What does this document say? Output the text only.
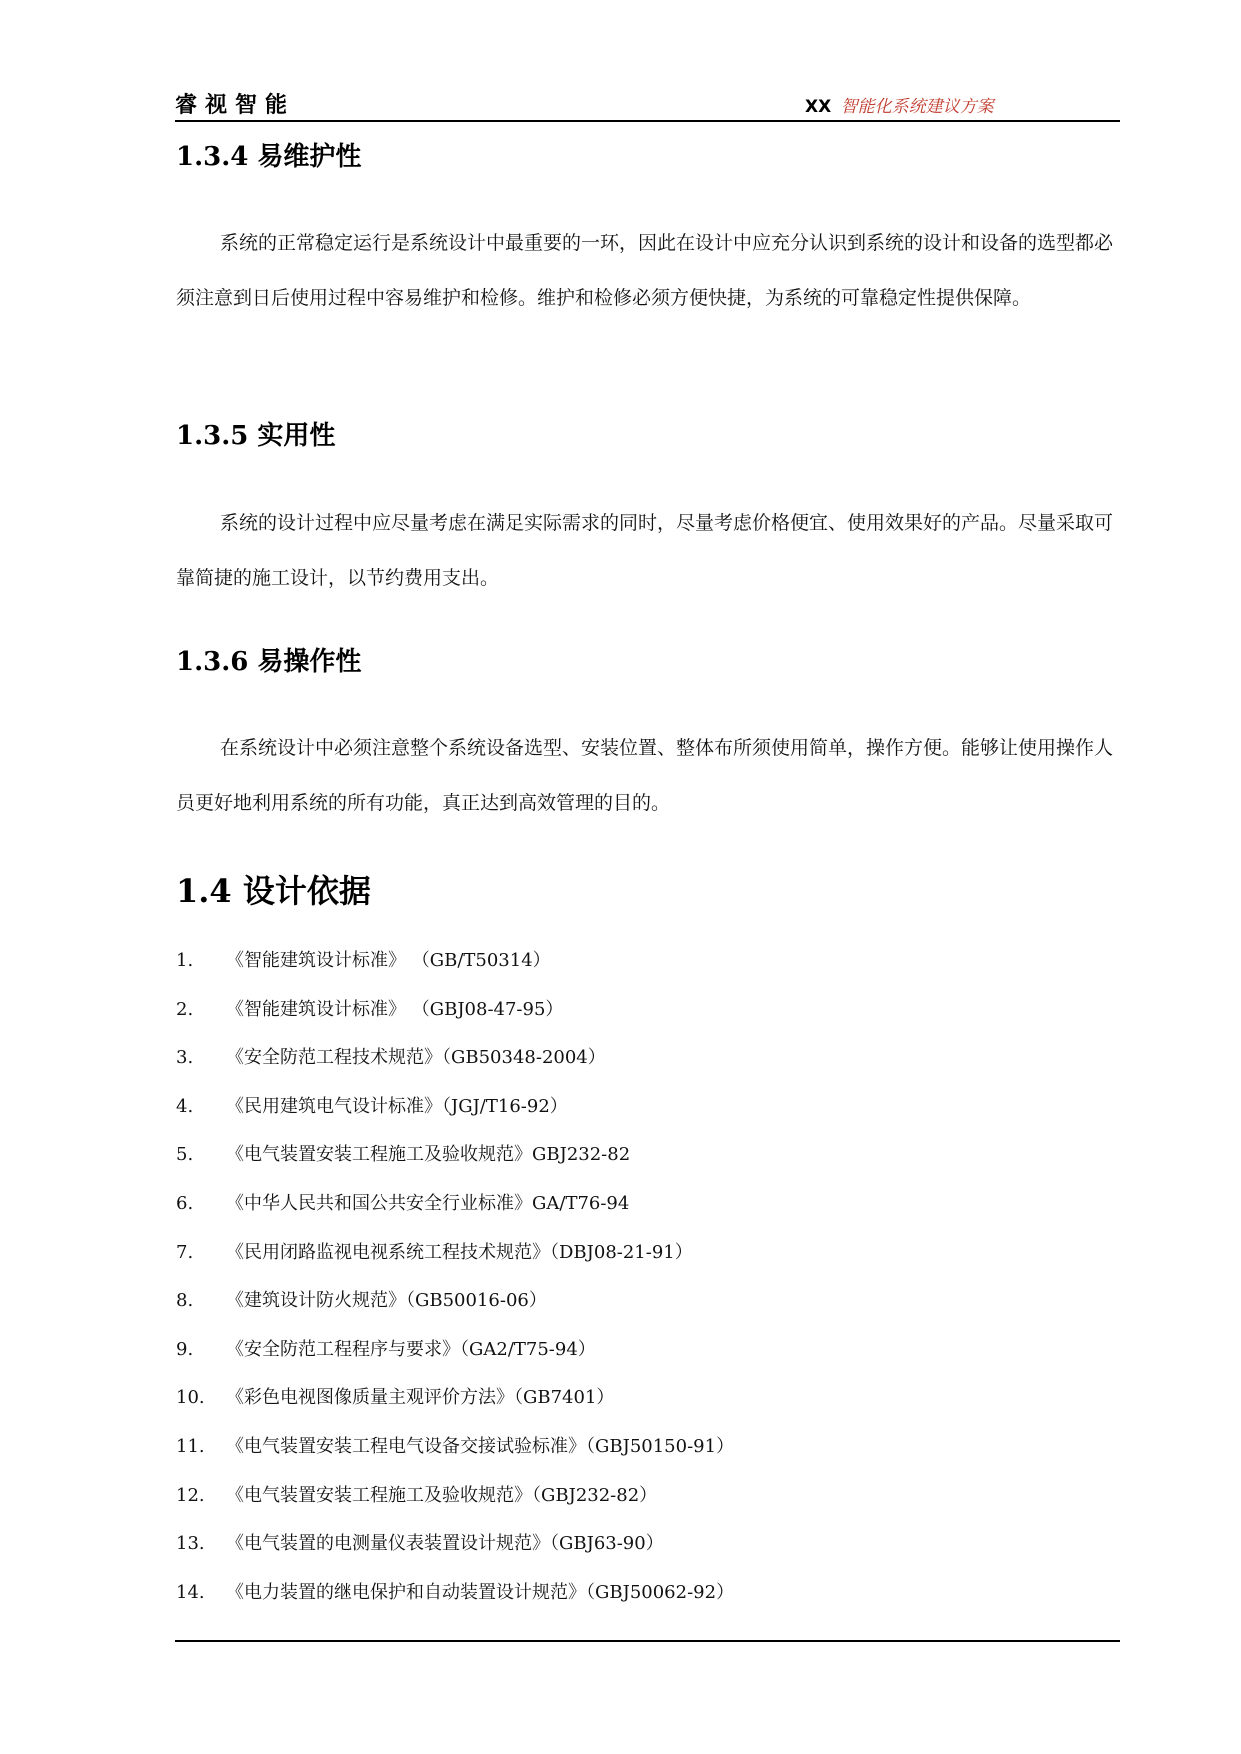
睿视智能	XX 智能化系统建议方案
1.3.4 易维护性
系统的正常稳定运行是系统设计中最重要的一环，因此在设计中应充分认识到系统的设计和设备的选型都必须注意到日后使用过程中容易维护和检修。维护和检修必须方便快捷，为系统的可靠稳定性提供保障。
1.3.5 实用性
系统的设计过程中应尽量考虑在满足实际需求的同时，尽量考虑价格便宜、使用效果好的产品。尽量采取可靠简捷的施工设计，以节约费用支出。
1.3.6 易操作性
在系统设计中必须注意整个系统设备选型、安装位置、整体布所须使用简单，操作方便。能够让使用操作人员更好地利用系统的所有功能，真正达到高效管理的目的。
1.4 设计依据
1. 《智能建筑设计标准》 （GB/T50314）
2. 《智能建筑设计标准》 （GBJ08-47-95）
3. 《安全防范工程技术规范》（GB50348-2004）
4. 《民用建筑电气设计标准》（JGJ/T16-92）
5. 《电气装置安装工程施工及验收规范》GBJ232-82
6. 《中华人民共和国公共安全行业标准》GA/T76-94
7. 《民用闭路监视电视系统工程技术规范》（DBJ08-21-91）
8. 《建筑设计防火规范》（GB50016-06）
9. 《安全防范工程程序与要求》（GA2/T75-94）
10. 《彩色电视图像质量主观评价方法》（GB7401）
11. 《电气装置安装工程电气设备交接试验标准》（GBJ50150-91）
12. 《电气装置安装工程施工及验收规范》（GBJ232-82）
13. 《电气装置的电测量仪表装置设计规范》（GBJ63-90）
14. 《电力装置的继电保护和自动装置设计规范》（GBJ50062-92）
